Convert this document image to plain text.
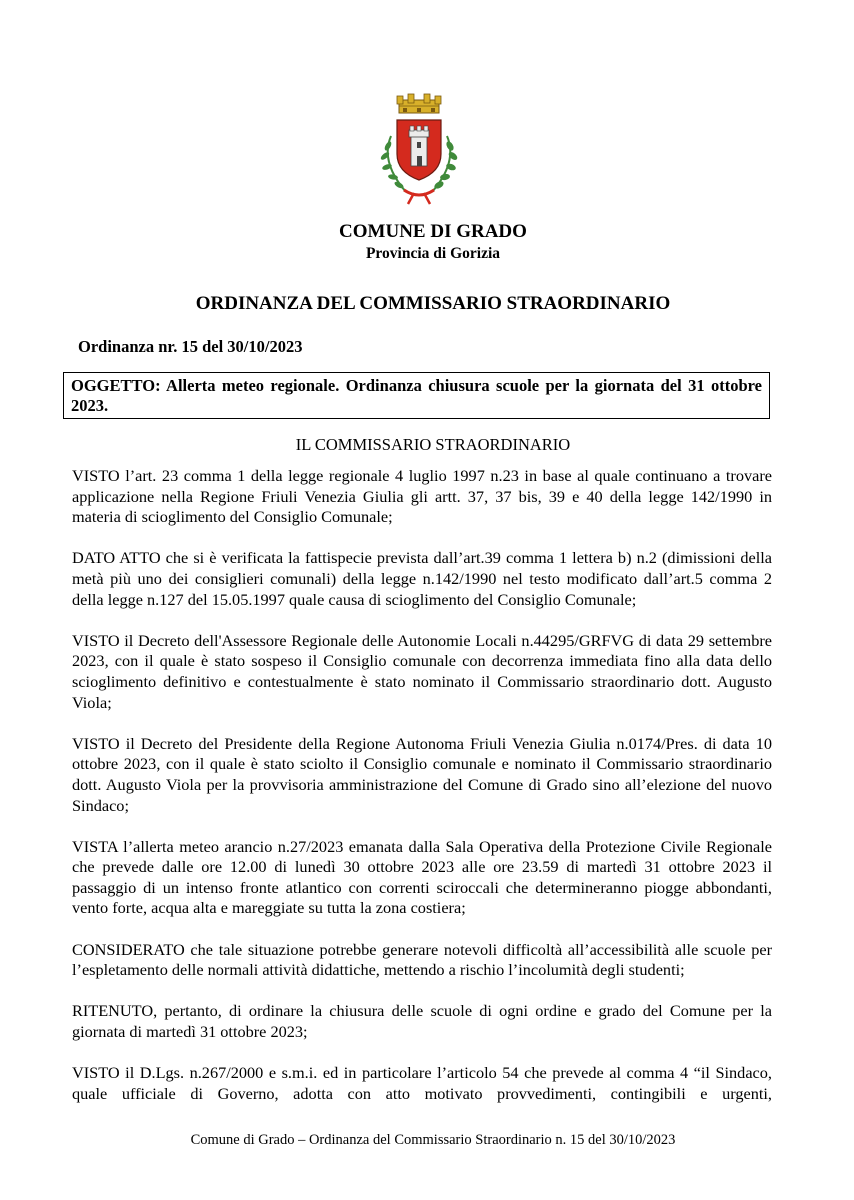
COMUNE DI GRADO
Provincia di Gorizia
ORDINANZA DEL COMMISSARIO STRAORDINARIO
Ordinanza nr. 15 del 30/10/2023
OGGETTO: Allerta meteo regionale. Ordinanza chiusura scuole per la giornata del 31 ottobre 2023.
IL COMMISSARIO STRAORDINARIO

VISTO l’art. 23 comma 1 della legge regionale 4 luglio 1997 n.23 in base al quale continuano a trovare applicazione nella Regione Friuli Venezia Giulia gli artt. 37, 37 bis, 39 e 40 della legge 142/1990 in materia di scioglimento del Consiglio Comunale;

DATO ATTO che si è verificata la fattispecie prevista dall’art.39 comma 1 lettera b) n.2 (dimissioni della metà più uno dei consiglieri comunali) della legge n.142/1990 nel testo modificato dall’art.5 comma 2 della legge n.127 del 15.05.1997 quale causa di scioglimento del Consiglio Comunale;

VISTO il Decreto dell'Assessore Regionale delle Autonomie Locali n.44295/GRFVG di data 29 settembre 2023, con il quale è stato sospeso il Consiglio comunale con decorrenza immediata fino alla data dello scioglimento definitivo e contestualmente è stato nominato il Commissario straordinario dott. Augusto Viola;

VISTO il Decreto del Presidente della Regione Autonoma Friuli Venezia Giulia n.0174/Pres. di data 10 ottobre 2023, con il quale è stato sciolto il Consiglio comunale e nominato il Commissario straordinario dott. Augusto Viola per la provvisoria amministrazione del Comune di Grado sino all’elezione del nuovo Sindaco;

VISTA l’allerta meteo arancio n.27/2023 emanata dalla Sala Operativa della Protezione Civile Regionale che prevede dalle ore 12.00 di lunedì 30 ottobre 2023 alle ore 23.59 di martedì 31 ottobre 2023 il passaggio di un intenso fronte atlantico con correnti sciroccali che determineranno piogge abbondanti, vento forte, acqua alta e mareggiate su tutta la zona costiera;

CONSIDERATO che tale situazione potrebbe generare notevoli difficoltà all’accessibilità alle scuole per l’espletamento delle normali attività didattiche, mettendo a rischio l’incolumità degli studenti;

RITENUTO, pertanto, di ordinare la chiusura delle scuole di ogni ordine e grado del Comune per la giornata di martedì 31 ottobre 2023;

VISTO il D.Lgs. n.267/2000 e s.m.i. ed in particolare l’articolo 54 che prevede al comma 4 “il Sindaco, quale ufficiale di Governo, adotta con atto motivato provvedimenti, contingibili e urgenti,

Comune di Grado – Ordinanza del Commissario Straordinario n. 15 del 30/10/2023
